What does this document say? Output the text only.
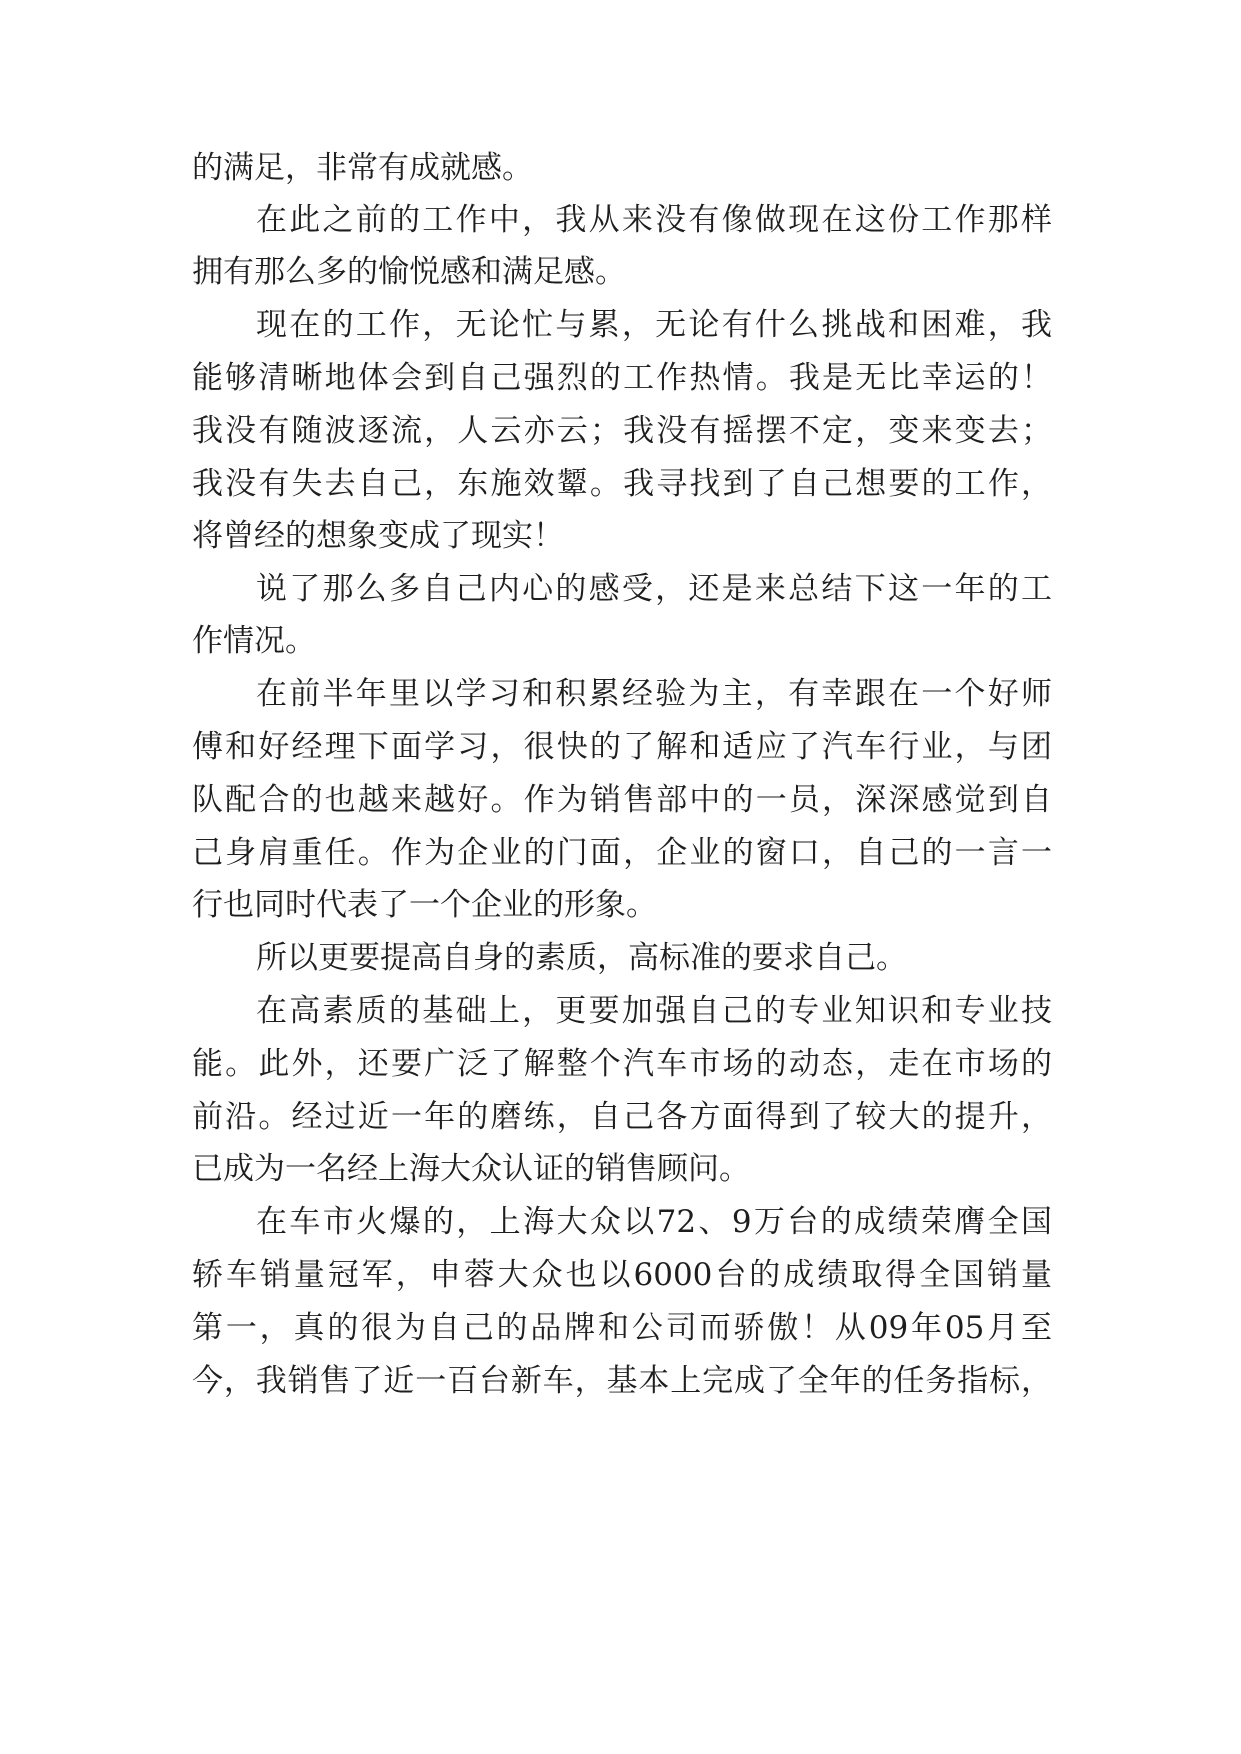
的满足，非常有成就感。

在此之前的工作中，我从来没有像做现在这份工作那样

拥有那么多的愉悦感和满足感。

现在的工作，无论忙与累，无论有什么挑战和困难，我

能够清晰地体会到自己强烈的工作热情。我是无比幸运的！

我没有随波逐流，人云亦云；我没有摇摆不定，变来变去；

我没有失去自己，东施效颦。我寻找到了自己想要的工作，

将曾经的想象变成了现实！

说了那么多自己内心的感受，还是来总结下这一年的工

作情况。

在前半年里以学习和积累经验为主，有幸跟在一个好师

傅和好经理下面学习，很快的了解和适应了汽车行业，与团

队配合的也越来越好。作为销售部中的一员，深深感觉到自

己身肩重任。作为企业的门面，企业的窗口，自己的一言一

行也同时代表了一个企业的形象。

所以更要提高自身的素质，高标准的要求自己。

在高素质的基础上，更要加强自己的专业知识和专业技

能。此外，还要广泛了解整个汽车市场的动态，走在市场的

前沿。经过近一年的磨练，自己各方面得到了较大的提升，

已成为一名经上海大众认证的销售顾问。

在车市火爆的，上海大众以72、9万台的成绩荣膺全国

轿车销量冠军，申蓉大众也以6000台的成绩取得全国销量

第一，真的很为自己的品牌和公司而骄傲！从09年05月至

今，我销售了近一百台新车，基本上完成了全年的任务指标，
